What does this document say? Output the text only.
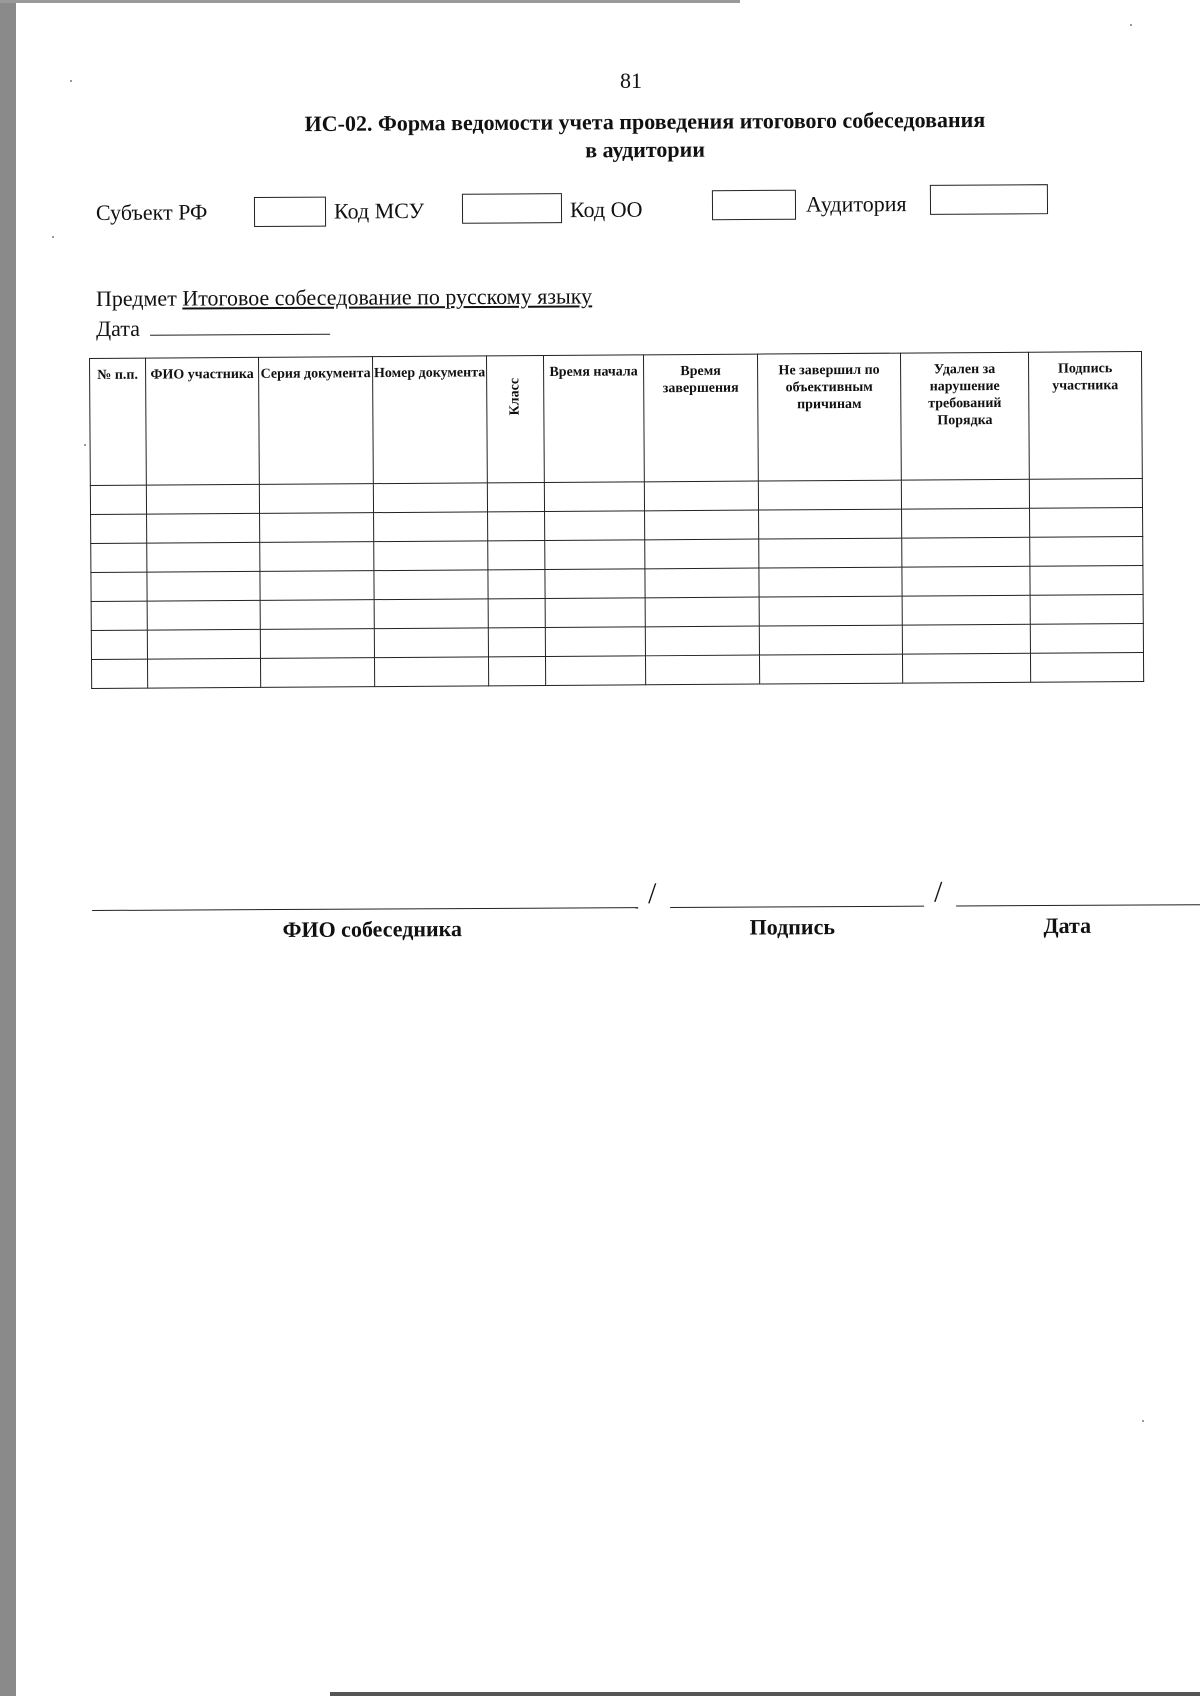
81
ИС-02. Форма ведомости учета проведения итогового собеседования
в аудитории
Субъект РФ	Код МСУ	Код ОО	Аудитория
Предмет Итоговое собеседование по русскому языку
Дата
№ п.п.	ФИО участника	Серия документа	Номер документа	Класс	Время начала	Время завершения	Не завершил по объективным причинам	Удален за нарушение требований Порядка	Подпись участника

/	/
ФИО собеседника	Подпись	Дата
